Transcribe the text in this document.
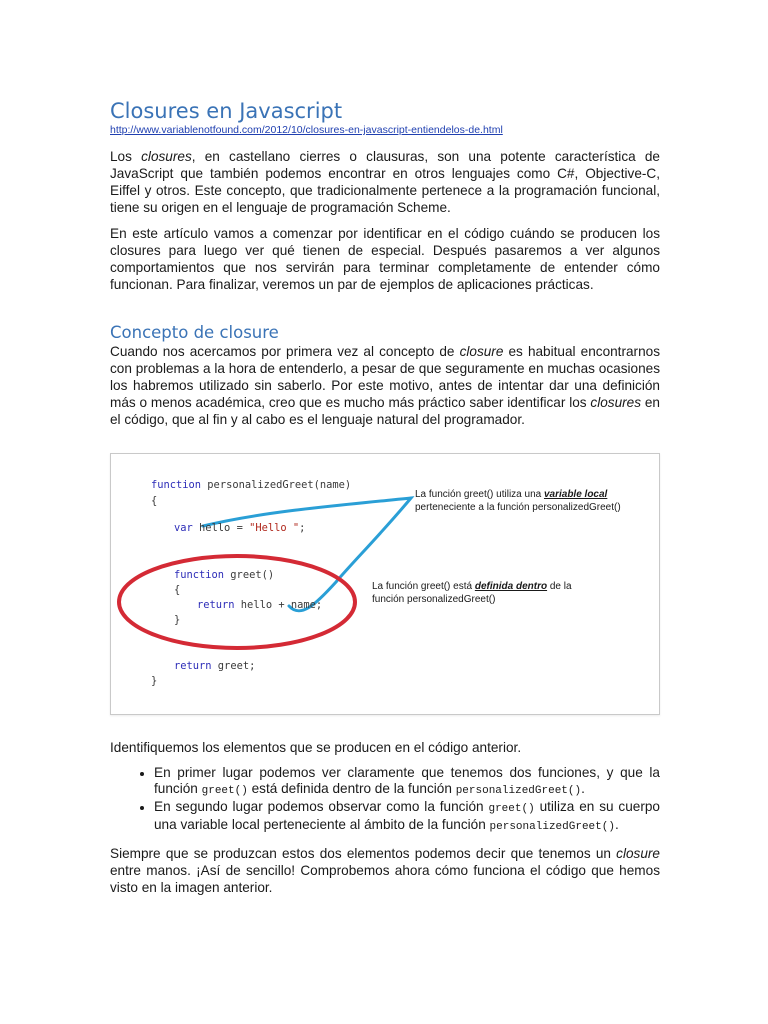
Closures en Javascript
http://www.variablenotfound.com/2012/10/closures-en-javascript-entiendelos-de.html

Los closures, en castellano cierres o clausuras, son una potente característica de JavaScript que también podemos encontrar en otros lenguajes como C#, Objective-C, Eiffel y otros. Este concepto, que tradicionalmente pertenece a la programación funcional, tiene su origen en el lenguaje de programación Scheme.

En este artículo vamos a comenzar por identificar en el código cuándo se producen los closures para luego ver qué tienen de especial. Después pasaremos a ver algunos comportamientos que nos servirán para terminar completamente de entender cómo funcionan. Para finalizar, veremos un par de ejemplos de aplicaciones prácticas.

Concepto de closure

Cuando nos acercamos por primera vez al concepto de closure es habitual encontrarnos con problemas a la hora de entenderlo, a pesar de que seguramente en muchas ocasiones los habremos utilizado sin saberlo. Por este motivo, antes de intentar dar una definición más o menos académica, creo que es mucho más práctico saber identificar los closures en el código, que al fin y al cabo es el lenguaje natural del programador.

function personalizedGreet(name)
{
var hello = "Hello ";
function greet()
{
return hello + name;
}
return greet;
}
La función greet() utiliza una variable local
perteneciente a la función personalizedGreet()
La función greet() está definida dentro de la
función personalizedGreet()

Identifiquemos los elementos que se producen en el código anterior.

• En primer lugar podemos ver claramente que tenemos dos funciones, y que la función greet() está definida dentro de la función personalizedGreet().
• En segundo lugar podemos observar como la función greet() utiliza en su cuerpo una variable local perteneciente al ámbito de la función personalizedGreet().

Siempre que se produzcan estos dos elementos podemos decir que tenemos un closure entre manos. ¡Así de sencillo! Comprobemos ahora cómo funciona el código que hemos visto en la imagen anterior.
